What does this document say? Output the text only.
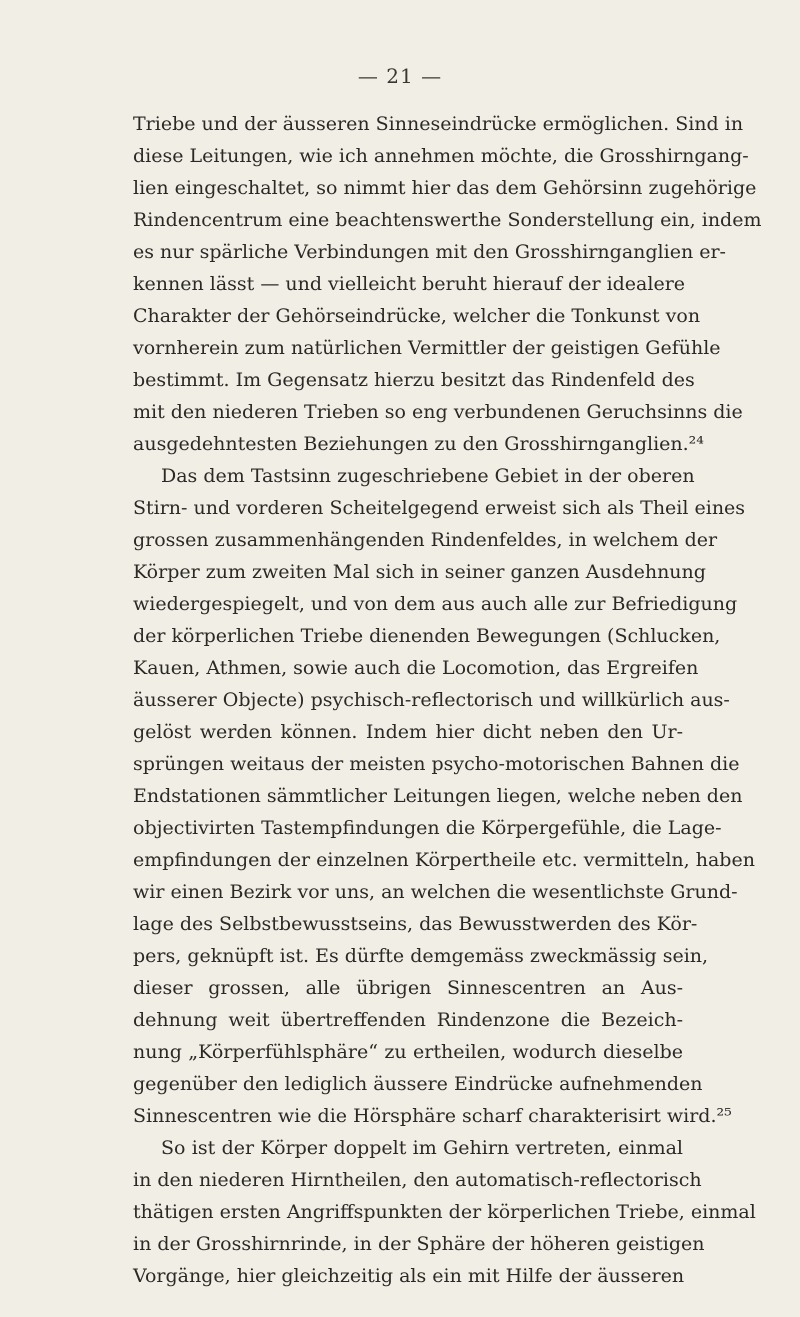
— 21 —
Triebe und der äusseren Sinneseindrücke ermöglichen. Sind in
diese Leitungen, wie ich annehmen möchte, die Grosshirngang-
lien eingeschaltet, so nimmt hier das dem Gehörsinn zugehörige
Rindencentrum eine beachtenswerthe Sonderstellung ein, indem
es nur spärliche Verbindungen mit den Grosshirnganglien er-
kennen lässt — und vielleicht beruht hierauf der idealere
Charakter der Gehörseindrücke, welcher die Tonkunst von
vornherein zum natürlichen Vermittler der geistigen Gefühle
bestimmt. Im Gegensatz hierzu besitzt das Rindenfeld des
mit den niederen Trieben so eng verbundenen Geruchsinns die
ausgedehntesten Beziehungen zu den Grosshirnganglien.²⁴
Das dem Tastsinn zugeschriebene Gebiet in der oberen
Stirn- und vorderen Scheitelgegend erweist sich als Theil eines
grossen zusammenhängenden Rindenfeldes, in welchem der
Körper zum zweiten Mal sich in seiner ganzen Ausdehnung
wiedergespiegelt, und von dem aus auch alle zur Befriedigung
der körperlichen Triebe dienenden Bewegungen (Schlucken,
Kauen, Athmen, sowie auch die Locomotion, das Ergreifen
äusserer Objecte) psychisch-reflectorisch und willkürlich aus-
gelöst werden können. Indem hier dicht neben den Ur-
sprüngen weitaus der meisten psycho-motorischen Bahnen die
Endstationen sämmtlicher Leitungen liegen, welche neben den
objectivirten Tastempfindungen die Körpergefühle, die Lage-
empfindungen der einzelnen Körpertheile etc. vermitteln, haben
wir einen Bezirk vor uns, an welchen die wesentlichste Grund-
lage des Selbstbewusstseins, das Bewusstwerden des Kör-
pers, geknüpft ist. Es dürfte demgemäss zweckmässig sein,
dieser grossen, alle übrigen Sinnescentren an Aus-
dehnung weit übertreffenden Rindenzone die Bezeich-
nung „Körperfühlsphäre“ zu ertheilen, wodurch dieselbe
gegenüber den lediglich äussere Eindrücke aufnehmenden
Sinnescentren wie die Hörsphäre scharf charakterisirt wird.²⁵
So ist der Körper doppelt im Gehirn vertreten, einmal
in den niederen Hirntheilen, den automatisch-reflectorisch
thätigen ersten Angriffspunkten der körperlichen Triebe, einmal
in der Grosshirnrinde, in der Sphäre der höheren geistigen
Vorgänge, hier gleichzeitig als ein mit Hilfe der äusseren
